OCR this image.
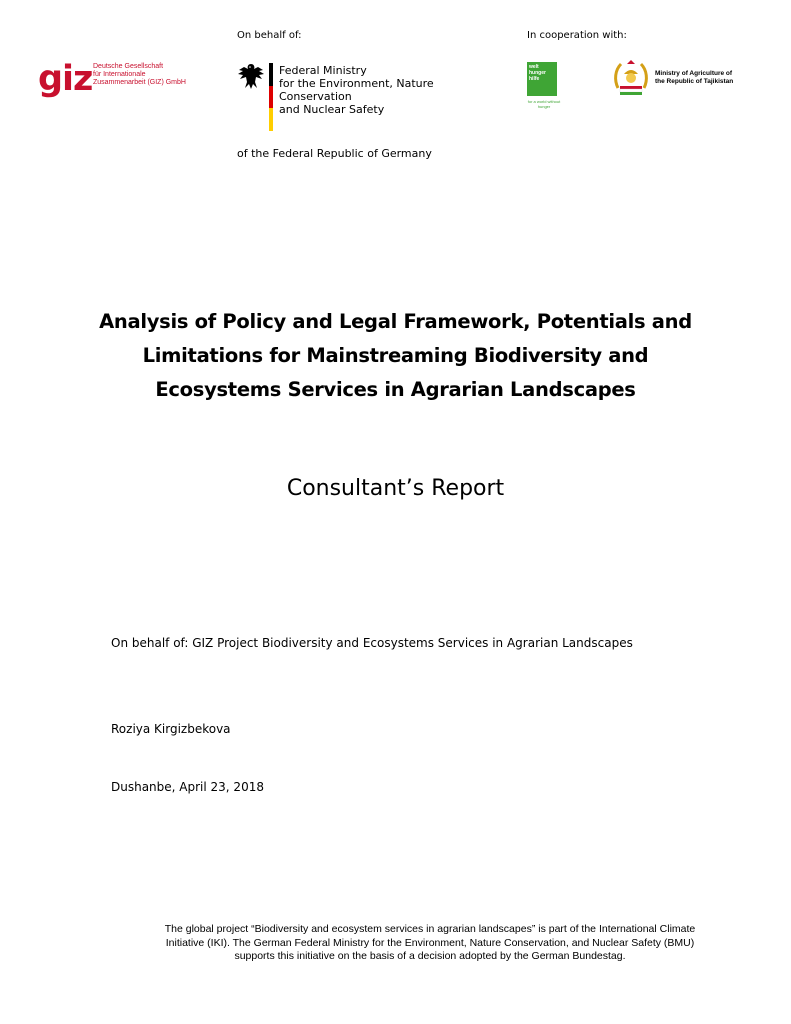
giz Deutsche Gesellschaft
für Internationale
Zusammenarbeit (GIZ) GmbH
On behalf of:
Federal Ministry
for the Environment, Nature Conservation
and Nuclear Safety
of the Federal Republic of Germany
In cooperation with:
welt hunger hilfe
for a world without hunger
Ministry of Agriculture of
the Republic of Tajikistan
Analysis of Policy and Legal Framework, Potentials and
Limitations for Mainstreaming Biodiversity and
Ecosystems Services in Agrarian Landscapes
Consultant’s Report
On behalf of: GIZ Project Biodiversity and Ecosystems Services in Agrarian Landscapes
Roziya Kirgizbekova
Dushanbe, April 23, 2018
The global project “Biodiversity and ecosystem services in agrarian landscapes” is part of the International Climate
Initiative (IKI). The German Federal Ministry for the Environment, Nature Conservation, and Nuclear Safety (BMU)
supports this initiative on the basis of a decision adopted by the German Bundestag.
